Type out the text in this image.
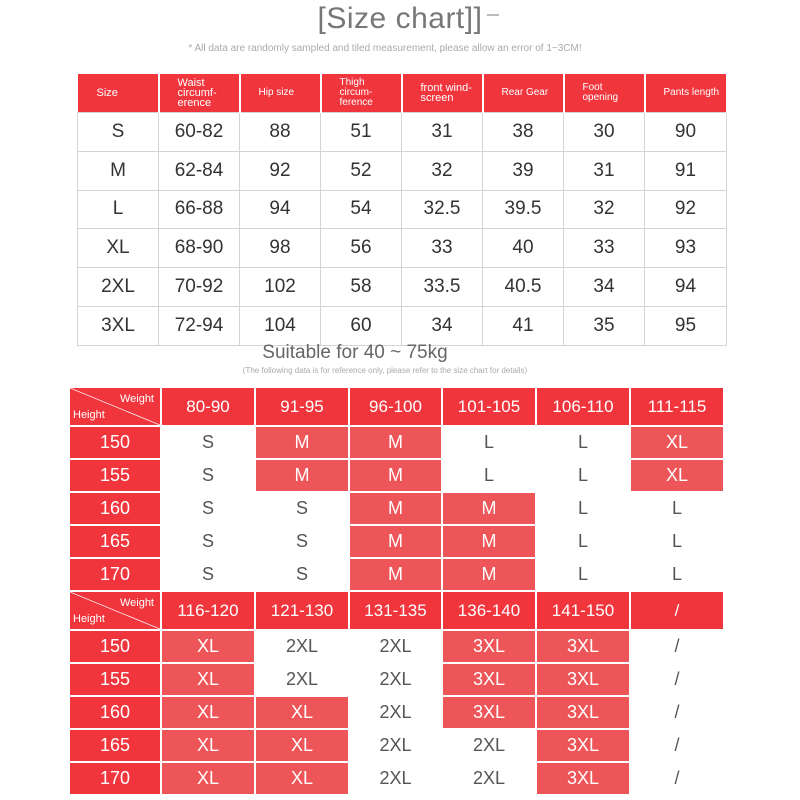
[Size chart]]
* All data are randomly sampled and tiled measurement, please allow an error of 1~3CM!
Size	Waist circumf-erence	Hip size	Thigh circum-ference	front wind-screen	Rear Gear	Foot opening	Pants length
S	60-82	88	51	31	38	30	90
M	62-84	92	52	32	39	31	91
L	66-88	94	54	32.5	39.5	32	92
XL	68-90	98	56	33	40	33	93
2XL	70-92	102	58	33.5	40.5	34	94
3XL	72-94	104	60	34	41	35	95
Suitable for 40 ~ 75kg
(The following data is for reference only, please refer to the size chart for details)
Weight
Height	80-90	91-95	96-100	101-105	106-110	111-115
150	S	M	M	L	L	XL
155	S	M	M	L	L	XL
160	S	S	M	M	L	L
165	S	S	M	M	L	L
170	S	S	M	M	L	L

Weight
Height	116-120	121-130	131-135	136-140	141-150	/
150	XL	2XL	2XL	3XL	3XL	/
155	XL	2XL	2XL	3XL	3XL	/
160	XL	XL	2XL	3XL	3XL	/
165	XL	XL	2XL	2XL	3XL	/
170	XL	XL	2XL	2XL	3XL	/
